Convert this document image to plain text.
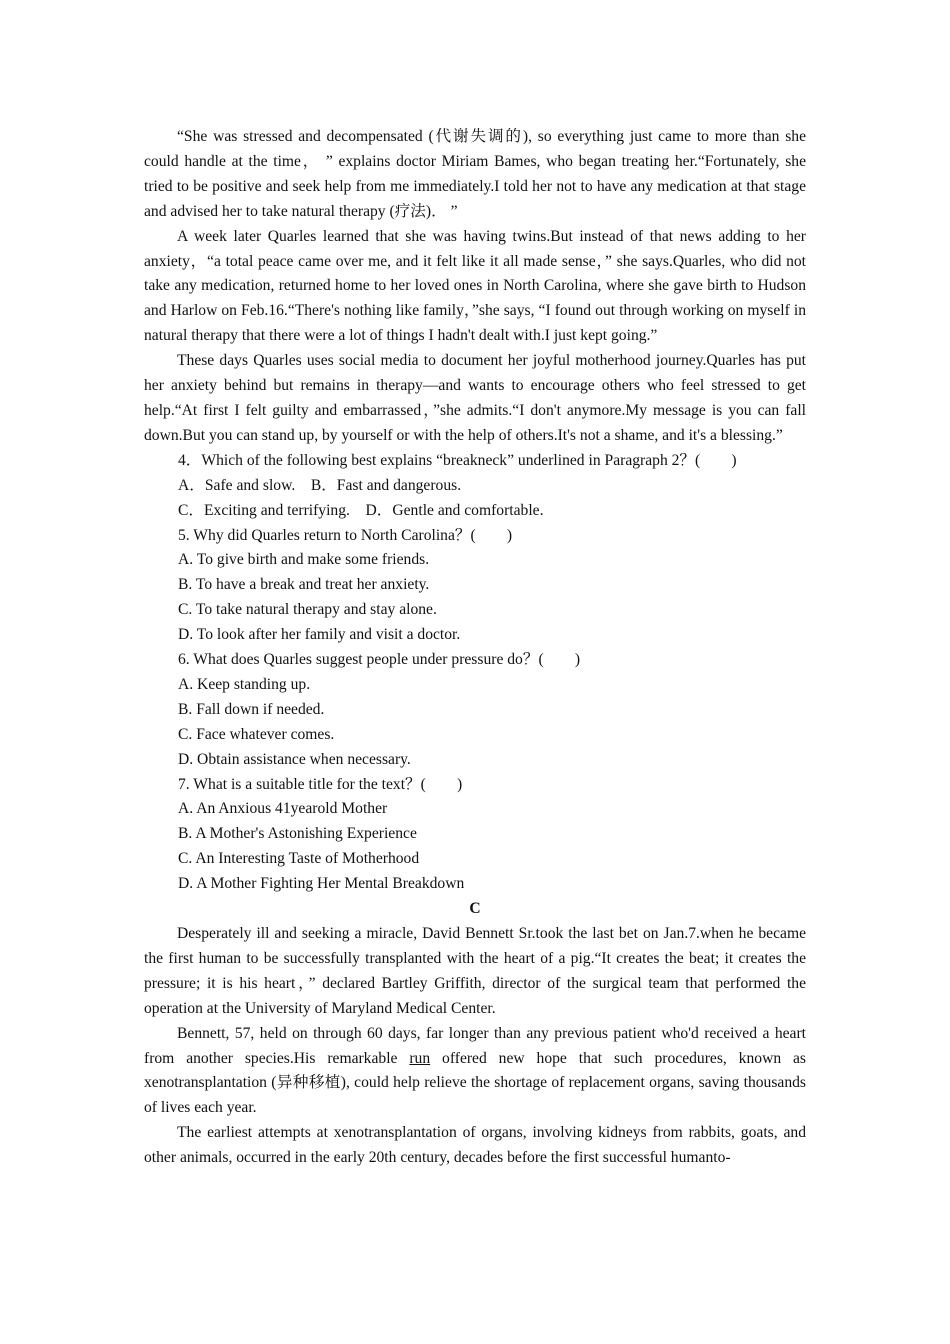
“She was stressed and decompensated (代谢失调的), so everything just came to more than she could handle at the time， ” explains doctor Miriam Bames, who began treating her.“Fortunately, she tried to be positive and seek help from me immediately.I told her not to have any medication at that stage and advised her to take natural therapy (疗法)． ”

A week later Quarles learned that she was having twins.But instead of that news adding to her anxiety，“a total peace came over me, and it felt like it all made sense，” she says.Quarles, who did not take any medication, returned home to her loved ones in North Carolina, where she gave birth to Hudson and Harlow on Feb.16.“There's nothing like family，”she says, “I found out through working on myself in natural therapy that there were a lot of things I hadn't dealt with.I just kept going.”

These days Quarles uses social media to document her joyful motherhood journey.Quarles has put her anxiety behind but remains in therapy—and wants to encourage others who feel stressed to get help.“At first I felt guilty and embarrassed，”she admits.“I don't anymore.My message is you can fall down.But you can stand up, by yourself or with the help of others.It's not a shame, and it's a blessing.”

4．Which of the following best explains “breakneck” underlined in Paragraph 2？(　　)

A．Safe and slow.　B．Fast and dangerous.

C．Exciting and terrifying.　D．Gentle and comfortable.

5. Why did Quarles return to North Carolina？(　　)

A. To give birth and make some friends.

B. To have a break and treat her anxiety.

C. To take natural therapy and stay alone.

D. To look after her family and visit a doctor.

6. What does Quarles suggest people under pressure do？(　　)

A. Keep standing up.

B. Fall down if needed.

C. Face whatever comes.

D. Obtain assistance when necessary.

7. What is a suitable title for the text？(　　)

A. An Anxious 41yearold Mother

B. A Mother's Astonishing Experience

C. An Interesting Taste of Motherhood

D. A Mother Fighting Her Mental Breakdown

C

Desperately ill and seeking a miracle, David Bennett Sr.took the last bet on Jan.7.when he became the first human to be successfully transplanted with the heart of a pig.“It creates the beat; it creates the pressure; it is his heart，” declared Bartley Griffith, director of the surgical team that performed the operation at the University of Maryland Medical Center.

Bennett, 57, held on through 60 days, far longer than any previous patient who'd received a heart from another species.His remarkable run offered new hope that such procedures, known as xenotransplantation (异种移植), could help relieve the shortage of replacement organs, saving thousands of lives each year.

The earliest attempts at xenotransplantation of organs, involving kidneys from rabbits, goats, and other animals, occurred in the early 20th century, decades before the first successful humanto-
